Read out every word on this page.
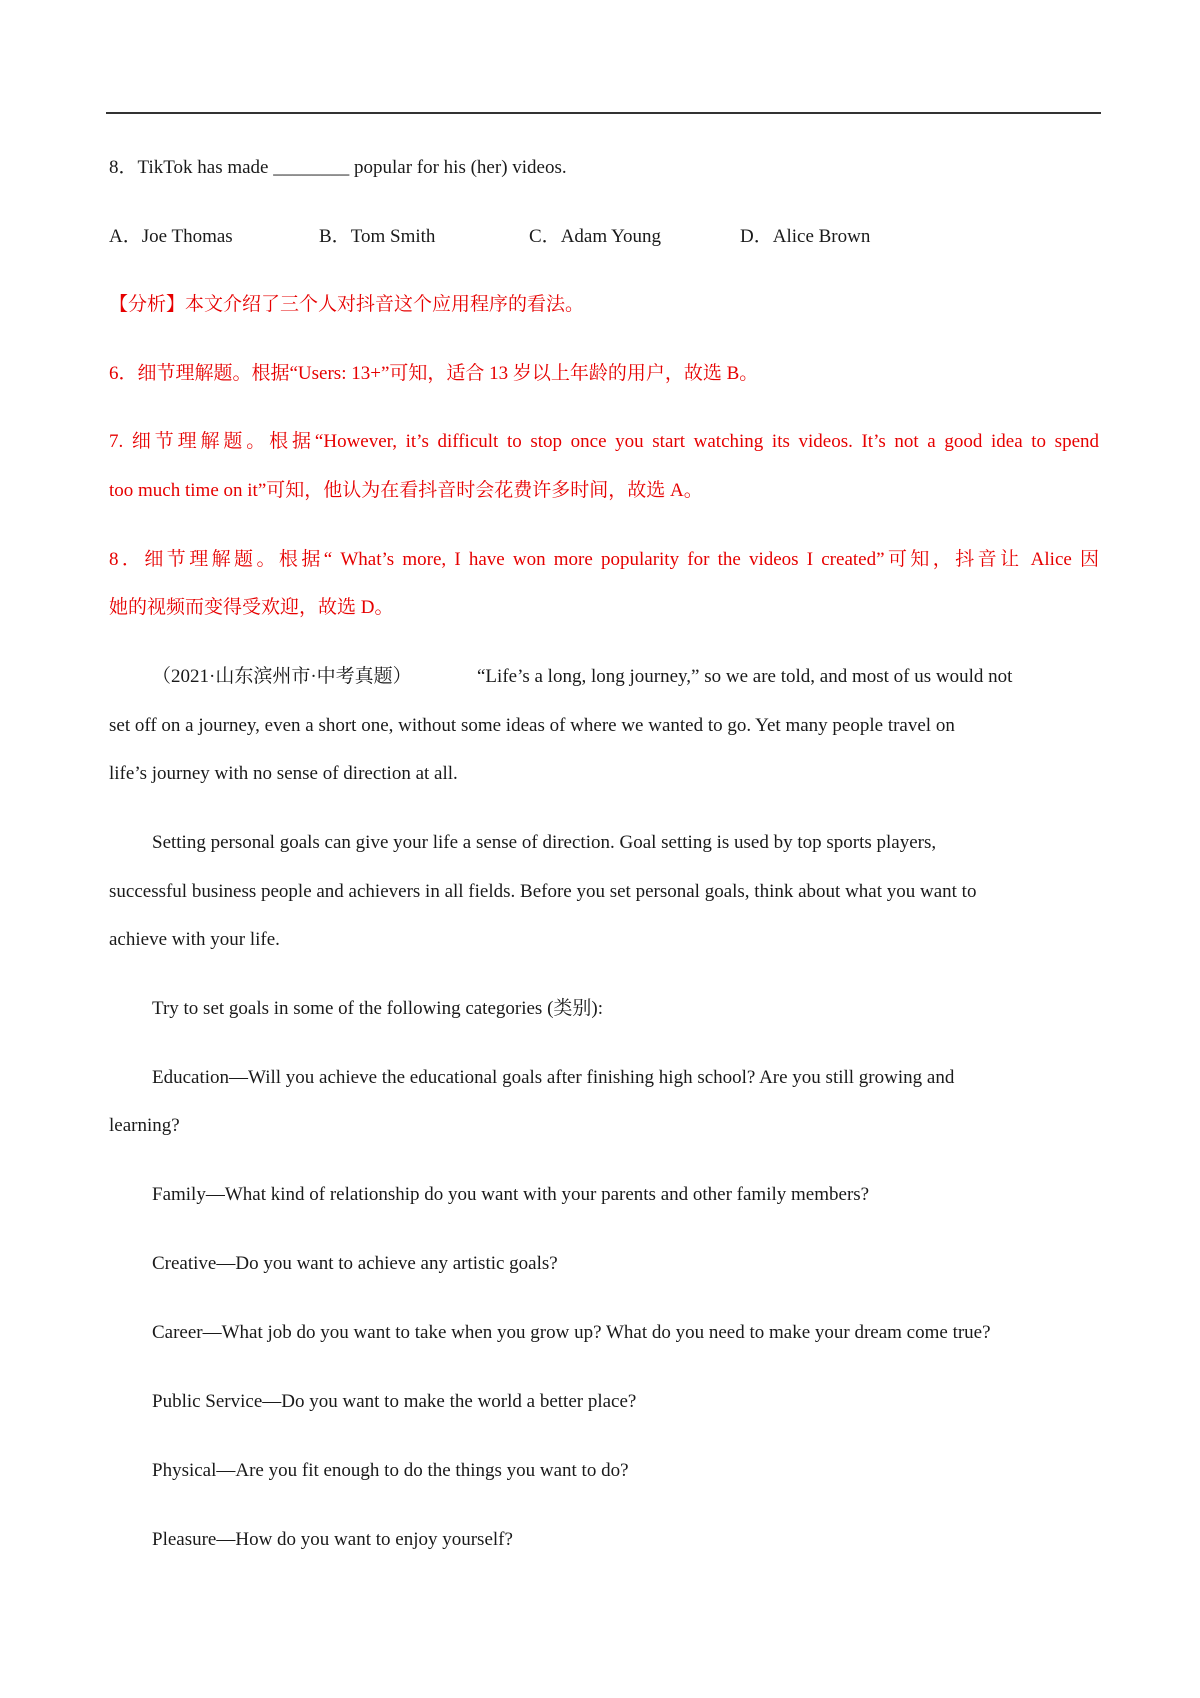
8．TikTok has made ________ popular for his (her) videos.
A．Joe Thomas	B．Tom Smith	C．Adam Young	D．Alice Brown
【分析】本文介绍了三个人对抖音这个应用程序的看法。
6．细节理解题。根据“Users: 13+”可知，适合 13 岁以上年龄的用户，故选 B。
7. 细节理解题。根据“However, it’s difficult to stop once you start watching its videos. It’s not a good idea to spend
too much time on it”可知，他认为在看抖音时会花费许多时间，故选 A。
8．细节理解题。根据“ What’s more, I have won more popularity for the videos I created”可知，抖音让 Alice 因
她的视频而变得受欢迎，故选 D。
（2021·山东滨州市·中考真题）	“Life’s a long, long journey,” so we are told, and most of us would not
set off on a journey, even a short one, without some ideas of where we wanted to go. Yet many people travel on
life’s journey with no sense of direction at all.
Setting personal goals can give your life a sense of direction. Goal setting is used by top sports players,
successful business people and achievers in all fields. Before you set personal goals, think about what you want to
achieve with your life.
Try to set goals in some of the following categories (类别):
Education—Will you achieve the educational goals after finishing high school? Are you still growing and
learning?
Family—What kind of relationship do you want with your parents and other family members?
Creative—Do you want to achieve any artistic goals?
Career—What job do you want to take when you grow up? What do you need to make your dream come true?
Public Service—Do you want to make the world a better place?
Physical—Are you fit enough to do the things you want to do?
Pleasure—How do you want to enjoy yourself?
